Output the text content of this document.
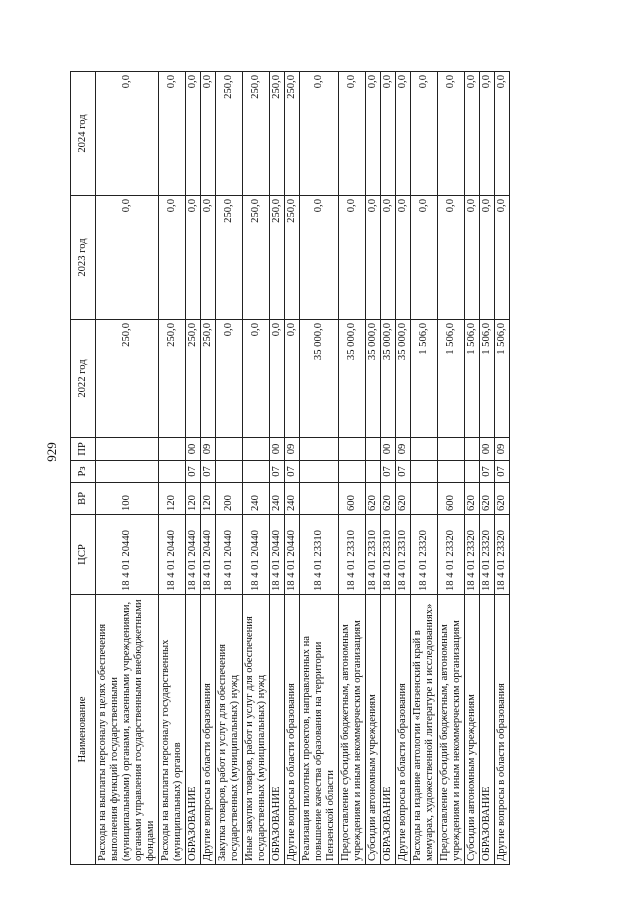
929
Наименование	ЦСР	ВР	Рз	ПР	2022 год	2023 год	2024 год
Расходы на выплаты персоналу в целях обеспечения выполнения функций государственными (муниципальными) органами, казенными учреждениями, органами управления государственными внебюджетными фондами	18 4 01 20440	100			250,0	0,0	0,0
Расходы на выплаты персоналу государственных (муниципальных) органов	18 4 01 20440	120			250,0	0,0	0,0
ОБРАЗОВАНИЕ	18 4 01 20440	120	07	00	250,0	0,0	0,0
Другие вопросы в области образования	18 4 01 20440	120	07	09	250,0	0,0	0,0
Закупка товаров, работ и услуг для обеспечения государственных (муниципальных) нужд	18 4 01 20440	200			0,0	250,0	250,0
Иные закупки товаров, работ и услуг для обеспечения государственных (муниципальных) нужд	18 4 01 20440	240			0,0	250,0	250,0
ОБРАЗОВАНИЕ	18 4 01 20440	240	07	00	0,0	250,0	250,0
Другие вопросы в области образования	18 4 01 20440	240	07	09	0,0	250,0	250,0
Реализация пилотных проектов, направленных на повышение качества образования на территории Пензенской области	18 4 01 23310				35 000,0	0,0	0,0
Предоставление субсидий бюджетным, автономным учреждениям и иным некоммерческим организациям	18 4 01 23310	600			35 000,0	0,0	0,0
Субсидии автономным учреждениям	18 4 01 23310	620			35 000,0	0,0	0,0
ОБРАЗОВАНИЕ	18 4 01 23310	620	07	00	35 000,0	0,0	0,0
Другие вопросы в области образования	18 4 01 23310	620	07	09	35 000,0	0,0	0,0
Расходы на издание антологии «Пензенский край в мемуарах, художественной литературе и исследованиях»	18 4 01 23320				1 506,0	0,0	0,0
Предоставление субсидий бюджетным, автономным учреждениям и иным некоммерческим организациям	18 4 01 23320	600			1 506,0	0,0	0,0
Субсидии автономным учреждениям	18 4 01 23320	620			1 506,0	0,0	0,0
ОБРАЗОВАНИЕ	18 4 01 23320	620	07	00	1 506,0	0,0	0,0
Другие вопросы в области образования	18 4 01 23320	620	07	09	1 506,0	0,0	0,0
